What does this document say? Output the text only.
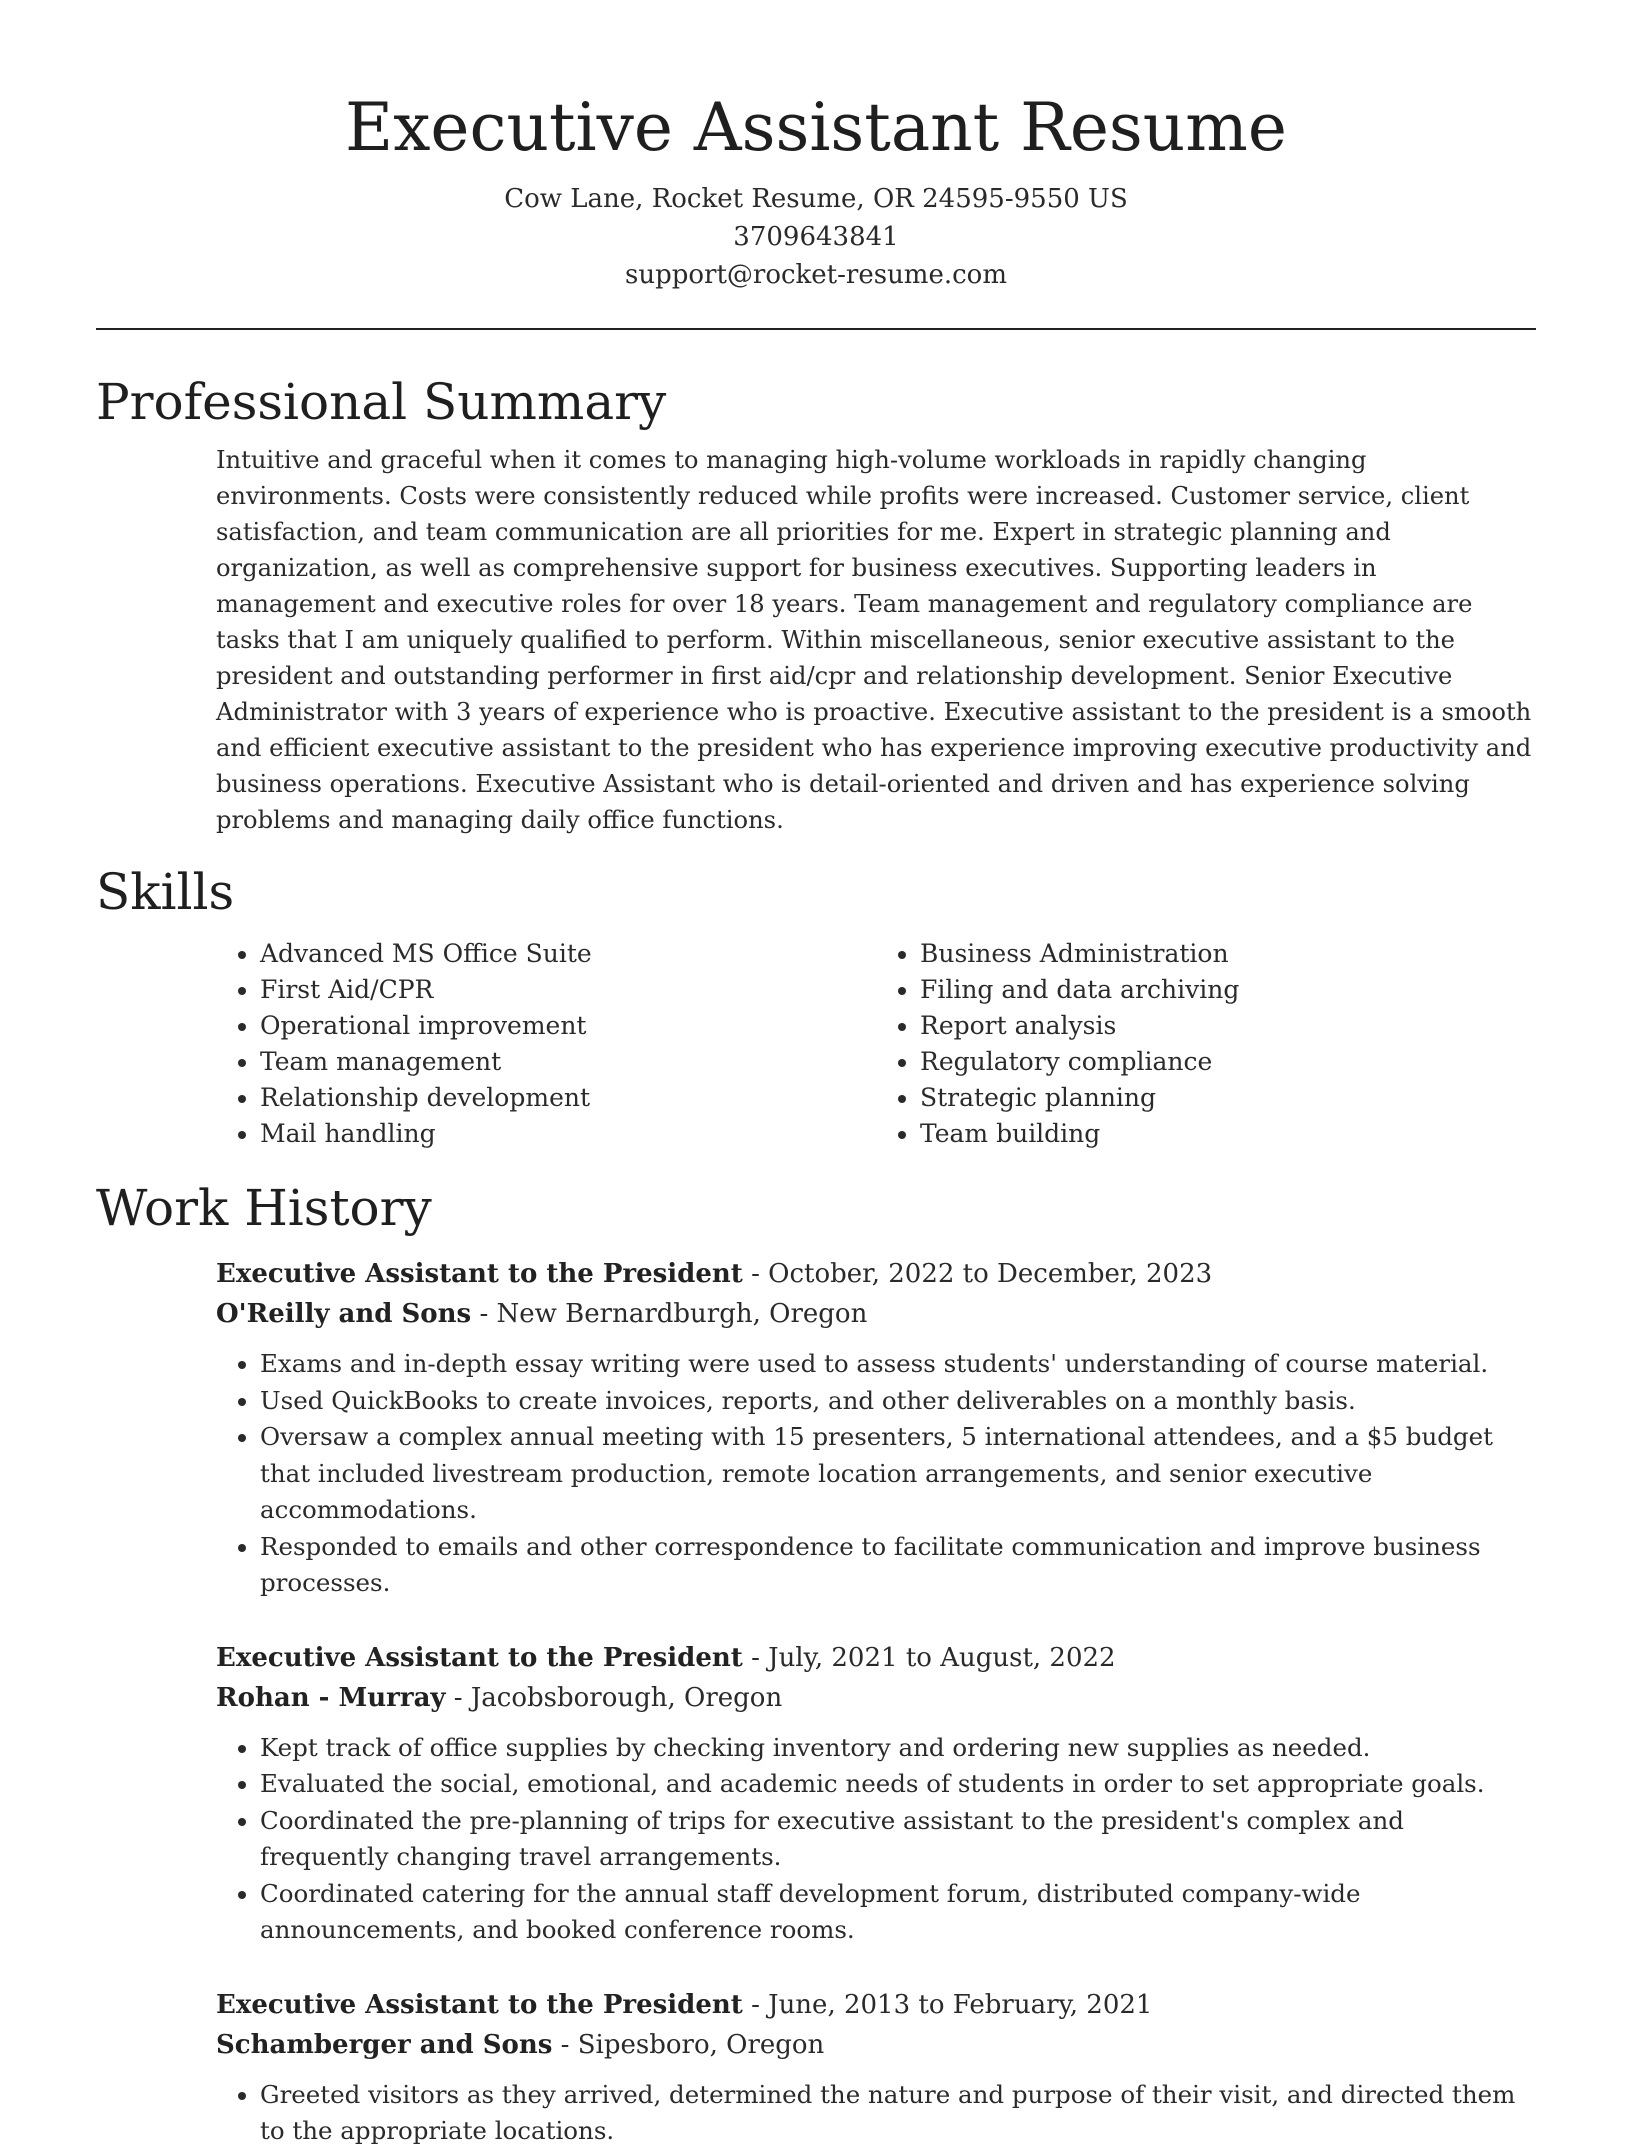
Executive Assistant Resume
Cow Lane, Rocket Resume, OR 24595-9550 US
3709643841
support@rocket-resume.com
Professional Summary

Intuitive and graceful when it comes to managing high-volume workloads in rapidly changing environments. Costs were consistently reduced while profits were increased. Customer service, client satisfaction, and team communication are all priorities for me. Expert in strategic planning and organization, as well as comprehensive support for business executives. Supporting leaders in management and executive roles for over 18 years. Team management and regulatory compliance are tasks that I am uniquely qualified to perform. Within miscellaneous, senior executive assistant to the president and outstanding performer in first aid/cpr and relationship development. Senior Executive Administrator with 3 years of experience who is proactive. Executive assistant to the president is a smooth and efficient executive assistant to the president who has experience improving executive productivity and business operations. Executive Assistant who is detail-oriented and driven and has experience solving problems and managing daily office functions.

Skills
• Advanced MS Office Suite
• First Aid/CPR
• Operational improvement
• Team management
• Relationship development
• Mail handling
• Business Administration
• Filing and data archiving
• Report analysis
• Regulatory compliance
• Strategic planning
• Team building
Work History
Executive Assistant to the President - October, 2022 to December, 2023
O'Reilly and Sons - New Bernardburgh, Oregon
• Exams and in-depth essay writing were used to assess students' understanding of course material.
• Used QuickBooks to create invoices, reports, and other deliverables on a monthly basis.
• Oversaw a complex annual meeting with 15 presenters, 5 international attendees, and a $5 budget that included livestream production, remote location arrangements, and senior executive accommodations.
• Responded to emails and other correspondence to facilitate communication and improve business processes.
Executive Assistant to the President - July, 2021 to August, 2022
Rohan - Murray - Jacobsborough, Oregon
• Kept track of office supplies by checking inventory and ordering new supplies as needed.
• Evaluated the social, emotional, and academic needs of students in order to set appropriate goals.
• Coordinated the pre-planning of trips for executive assistant to the president's complex and frequently changing travel arrangements.
• Coordinated catering for the annual staff development forum, distributed company-wide announcements, and booked conference rooms.
Executive Assistant to the President - June, 2013 to February, 2021
Schamberger and Sons - Sipesboro, Oregon
• Greeted visitors as they arrived, determined the nature and purpose of their visit, and directed them to the appropriate locations.
